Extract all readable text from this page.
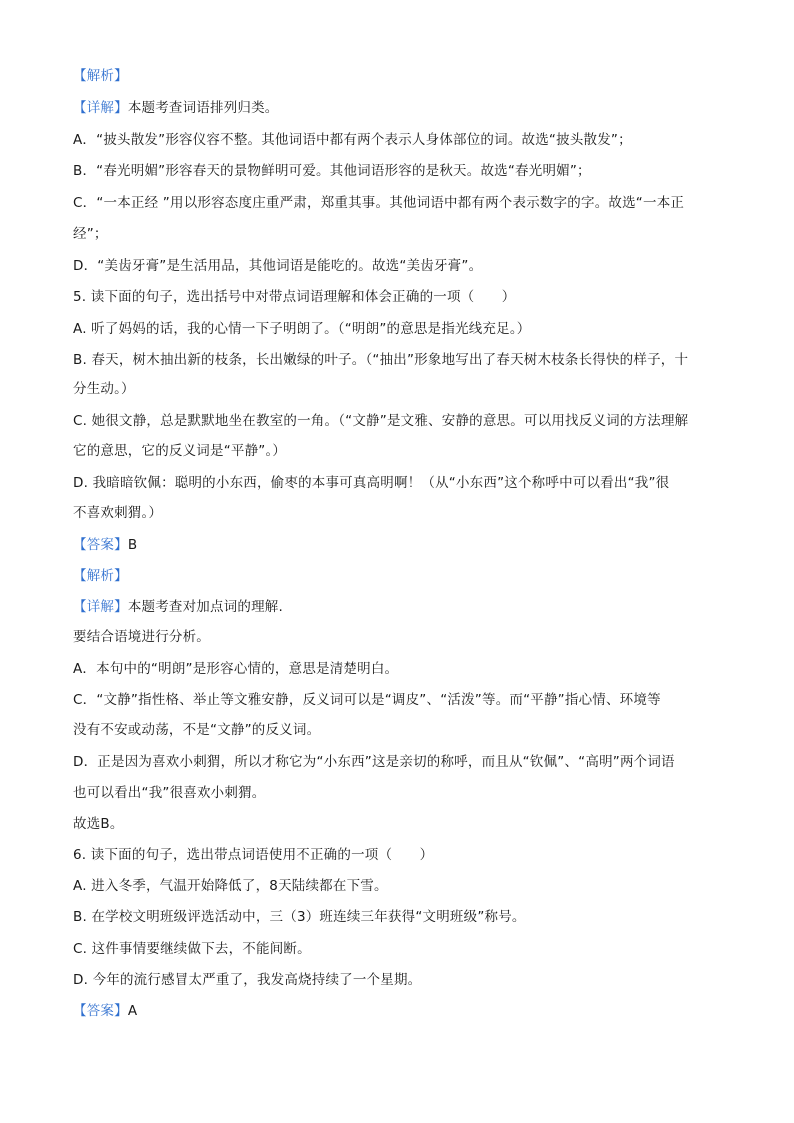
【解析】
【详解】本题考查词语排列归类。
A．“披头散发”形容仪容不整。其他词语中都有两个表示人身体部位的词。故选“披头散发”；
B．“春光明媚”形容春天的景物鲜明可爱。其他词语形容的是秋天。故选“春光明媚”；
C．“一本正经 ”用以形容态度庄重严肃，郑重其事。其他词语中都有两个表示数字的字。故选“一本正
经”；
D．“美齿牙膏”是生活用品，其他词语是能吃的。故选“美齿牙膏”。
5. 读下面的句子，选出括号中对带点词语理解和体会正确的一项（　　）
A. 听了妈妈的话，我的心情一下子明朗了。（“明朗”的意思是指光线充足。）
B. 春天，树木抽出新的枝条，长出嫩绿的叶子。（“抽出”形象地写出了春天树木枝条长得快的样子，十
分生动。）
C. 她很文静，总是默默地坐在教室的一角。（“文静”是文雅、安静的意思。可以用找反义词的方法理解
它的意思，它的反义词是“平静”。）
D. 我暗暗钦佩：聪明的小东西，偷枣的本事可真高明啊！（从“小东西”这个称呼中可以看出“我”很
不喜欢刺猬。）
【答案】B
【解析】
【详解】本题考查对加点词的理解.
要结合语境进行分析。
A．本句中的“明朗”是形容心情的，意思是清楚明白。
C．“文静”指性格、举止等文雅安静，反义词可以是“调皮”、“活泼”等。而“平静”指心情、环境等
没有不安或动荡，不是“文静”的反义词。
D．正是因为喜欢小刺猬，所以才称它为“小东西”这是亲切的称呼，而且从“钦佩”、“高明”两个词语
也可以看出“我”很喜欢小刺猬。
故选B。
6. 读下面的句子，选出带点词语使用不正确的一项（　　）
A. 进入冬季，气温开始降低了，8天陆续都在下雪。
B. 在学校文明班级评选活动中，三（3）班连续三年获得“文明班级”称号。
C. 这件事情要继续做下去，不能间断。
D. 今年的流行感冒太严重了，我发高烧持续了一个星期。
【答案】A
